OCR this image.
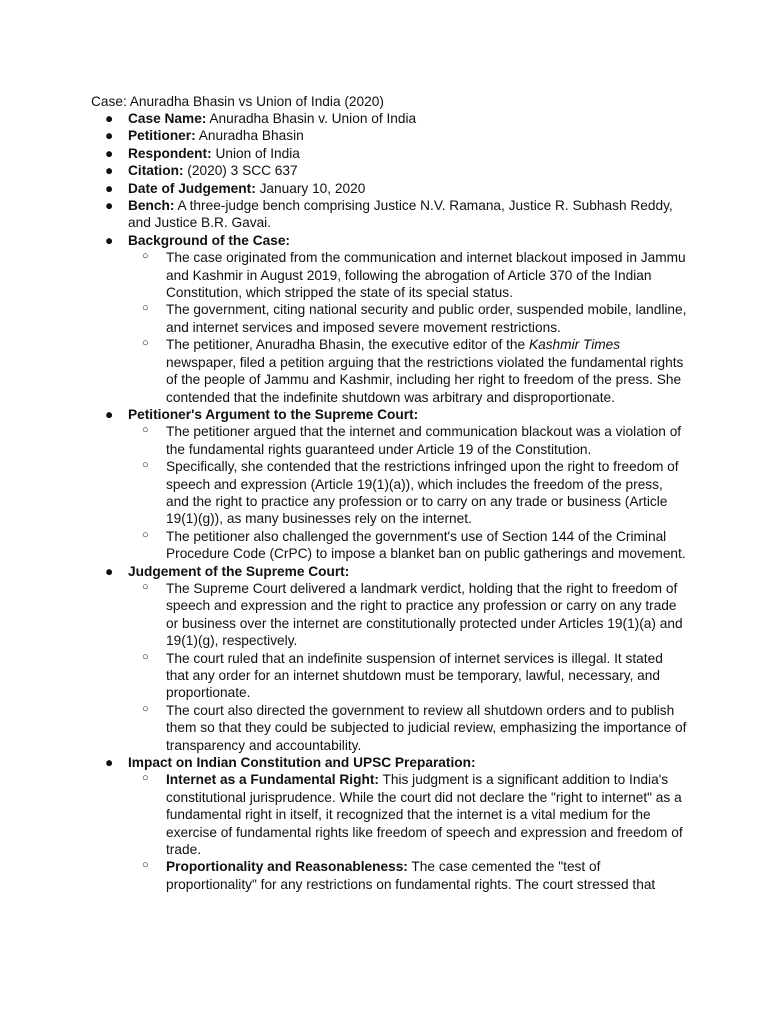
Case: Anuradha Bhasin vs Union of India (2020)

● Case Name: Anuradha Bhasin v. Union of India
● Petitioner: Anuradha Bhasin
● Respondent: Union of India
● Citation: (2020) 3 SCC 637
● Date of Judgement: January 10, 2020
● Bench: A three-judge bench comprising Justice N.V. Ramana, Justice R. Subhash Reddy, and Justice B.R. Gavai.
● Background of the Case:
○ The case originated from the communication and internet blackout imposed in Jammu and Kashmir in August 2019, following the abrogation of Article 370 of the Indian Constitution, which stripped the state of its special status.
○ The government, citing national security and public order, suspended mobile, landline, and internet services and imposed severe movement restrictions.
○ The petitioner, Anuradha Bhasin, the executive editor of the Kashmir Times newspaper, filed a petition arguing that the restrictions violated the fundamental rights of the people of Jammu and Kashmir, including her right to freedom of the press. She contended that the indefinite shutdown was arbitrary and disproportionate.
● Petitioner's Argument to the Supreme Court:
○ The petitioner argued that the internet and communication blackout was a violation of the fundamental rights guaranteed under Article 19 of the Constitution.
○ Specifically, she contended that the restrictions infringed upon the right to freedom of speech and expression (Article 19(1)(a)), which includes the freedom of the press, and the right to practice any profession or to carry on any trade or business (Article 19(1)(g)), as many businesses rely on the internet.
○ The petitioner also challenged the government's use of Section 144 of the Criminal Procedure Code (CrPC) to impose a blanket ban on public gatherings and movement.
● Judgement of the Supreme Court:
○ The Supreme Court delivered a landmark verdict, holding that the right to freedom of speech and expression and the right to practice any profession or carry on any trade or business over the internet are constitutionally protected under Articles 19(1)(a) and 19(1)(g), respectively.
○ The court ruled that an indefinite suspension of internet services is illegal. It stated that any order for an internet shutdown must be temporary, lawful, necessary, and proportionate.
○ The court also directed the government to review all shutdown orders and to publish them so that they could be subjected to judicial review, emphasizing the importance of transparency and accountability.
● Impact on Indian Constitution and UPSC Preparation:
○ Internet as a Fundamental Right: This judgment is a significant addition to India's constitutional jurisprudence. While the court did not declare the "right to internet" as a fundamental right in itself, it recognized that the internet is a vital medium for the exercise of fundamental rights like freedom of speech and expression and freedom of trade.
○ Proportionality and Reasonableness: The case cemented the "test of proportionality" for any restrictions on fundamental rights. The court stressed that
